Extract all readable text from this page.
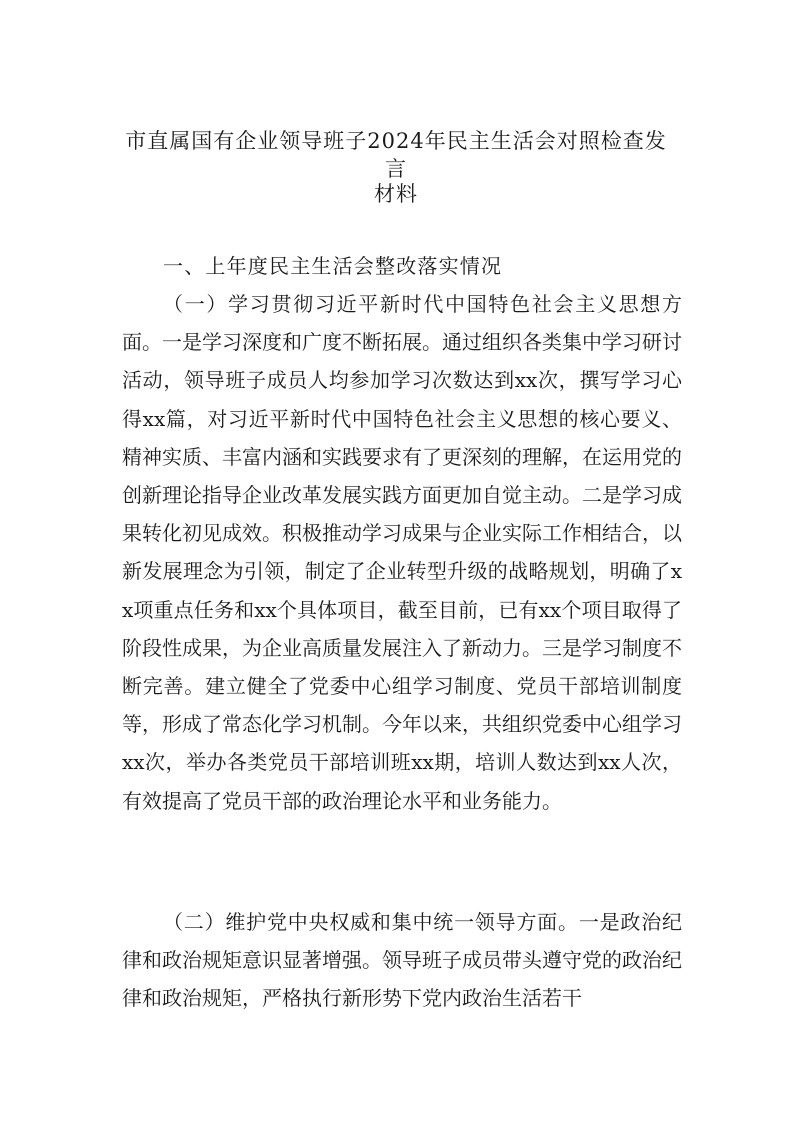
市直属国有企业领导班子2024年民主生活会对照检查发言
材料

一、上年度民主生活会整改落实情况

（一）学习贯彻习近平新时代中国特色社会主义思想方面。一是学习深度和广度不断拓展。通过组织各类集中学习研讨活动，领导班子成员人均参加学习次数达到xx次，撰写学习心得xx篇，对习近平新时代中国特色社会主义思想的核心要义、精神实质、丰富内涵和实践要求有了更深刻的理解，在运用党的创新理论指导企业改革发展实践方面更加自觉主动。二是学习成果转化初见成效。积极推动学习成果与企业实际工作相结合，以新发展理念为引领，制定了企业转型升级的战略规划，明确了xx项重点任务和xx个具体项目，截至目前，已有xx个项目取得了阶段性成果，为企业高质量发展注入了新动力。三是学习制度不断完善。建立健全了党委中心组学习制度、党员干部培训制度等，形成了常态化学习机制。今年以来，共组织党委中心组学习xx次，举办各类党员干部培训班xx期，培训人数达到xx人次，有效提高了党员干部的政治理论水平和业务能力。

（二）维护党中央权威和集中统一领导方面。一是政治纪律和政治规矩意识显著增强。领导班子成员带头遵守党的政治纪律和政治规矩，严格执行新形势下党内政治生活若干
